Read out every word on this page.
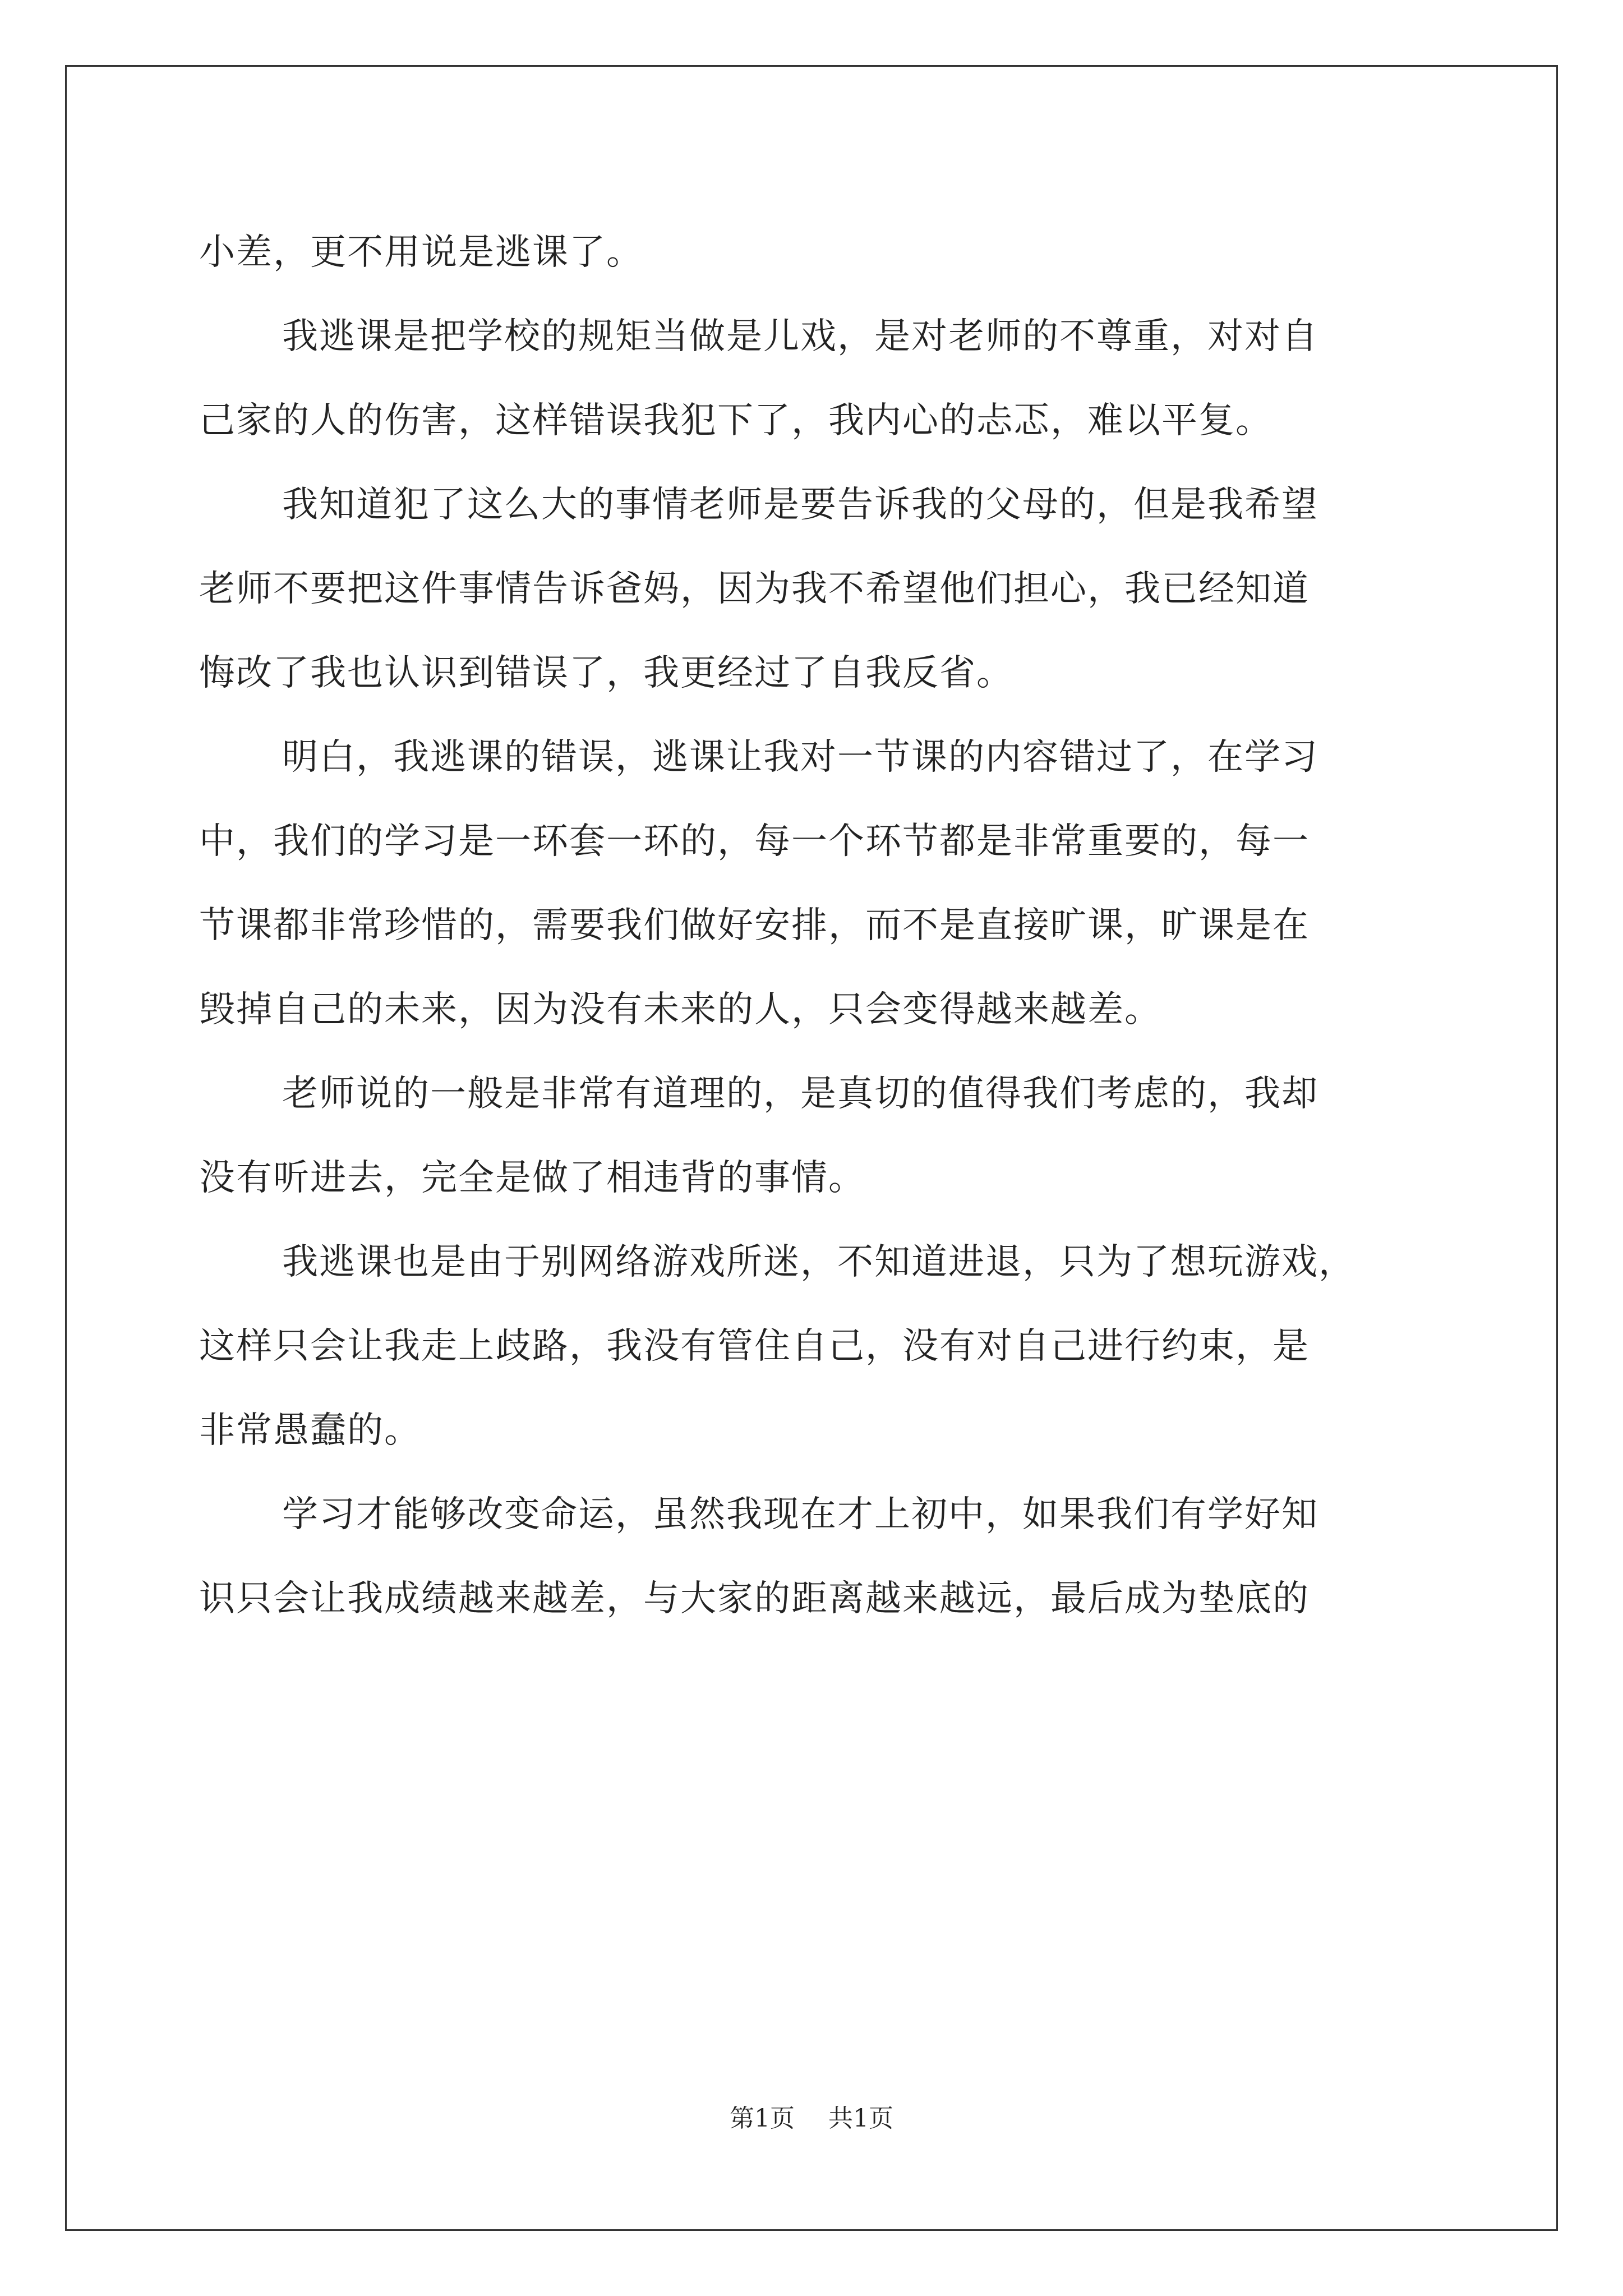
小差，更不用说是逃课了。
我逃课是把学校的规矩当做是儿戏，是对老师的不尊重，对对自
己家的人的伤害，这样错误我犯下了，我内心的忐忑，难以平复。
我知道犯了这么大的事情老师是要告诉我的父母的，但是我希望
老师不要把这件事情告诉爸妈，因为我不希望他们担心，我已经知道
悔改了我也认识到错误了，我更经过了自我反省。
明白，我逃课的错误，逃课让我对一节课的内容错过了，在学习
中，我们的学习是一环套一环的，每一个环节都是非常重要的，每一
节课都非常珍惜的，需要我们做好安排，而不是直接旷课，旷课是在
毁掉自己的未来，因为没有未来的人，只会变得越来越差。
老师说的一般是非常有道理的，是真切的值得我们考虑的，我却
没有听进去，完全是做了相违背的事情。
我逃课也是由于别网络游戏所迷，不知道进退，只为了想玩游戏，
这样只会让我走上歧路，我没有管住自己，没有对自己进行约束，是
非常愚蠢的。
学习才能够改变命运，虽然我现在才上初中，如果我们有学好知
识只会让我成绩越来越差，与大家的距离越来越远，最后成为垫底的
第1页 共1页
